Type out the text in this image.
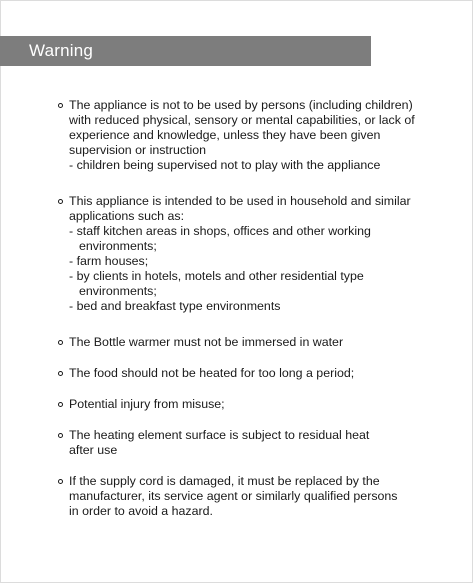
Warning
The appliance is not to be used by persons (including children)
with reduced physical, sensory or mental capabilities, or lack of
experience and knowledge, unless they have been given
supervision or instruction
- children being supervised not to play with the appliance
This appliance is intended to be used in household and similar
applications such as:
- staff kitchen areas in shops, offices and other working
environments;
- farm houses;
- by clients in hotels, motels and other residential type
environments;
- bed and breakfast type environments
The Bottle warmer must not be immersed in water
The food should not be heated for too long a period;
Potential injury from misuse;
The heating element surface is subject to residual heat
after use
If the supply cord is damaged, it must be replaced by the
manufacturer, its service agent or similarly qualified persons
in order to avoid a hazard.
